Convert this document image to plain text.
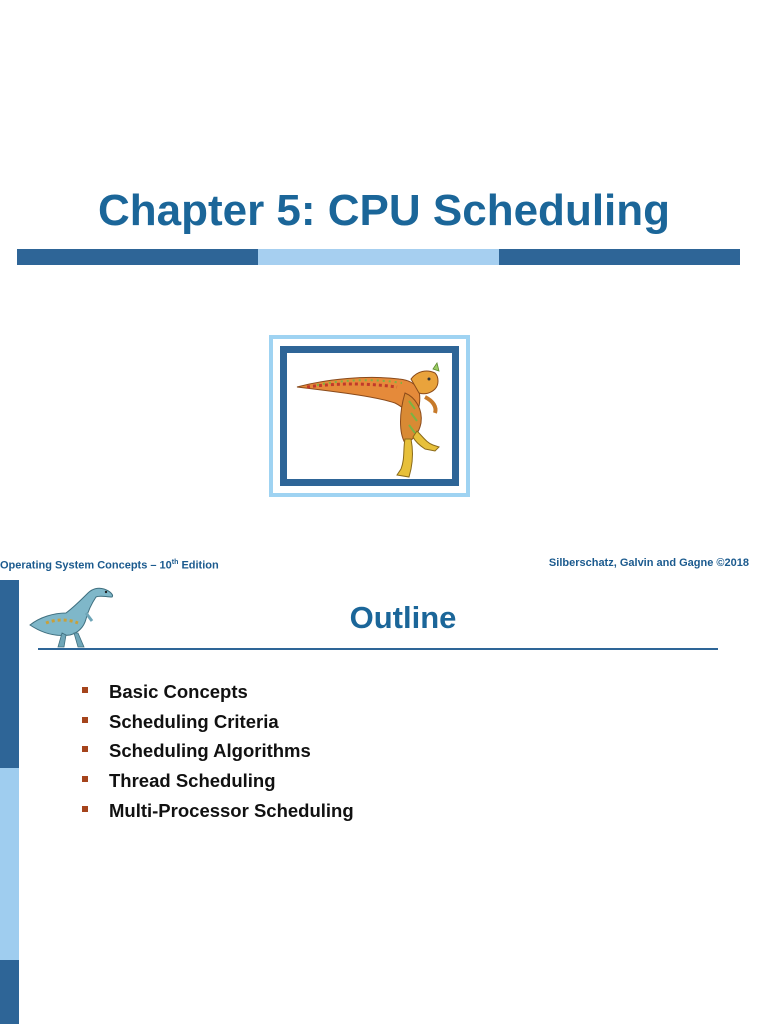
Chapter 5: CPU Scheduling
Operating System Concepts – 10th Edition	Silberschatz, Galvin and Gagne ©2018
Outline
Basic Concepts
Scheduling Criteria
Scheduling Algorithms
Thread Scheduling
Multi-Processor Scheduling
